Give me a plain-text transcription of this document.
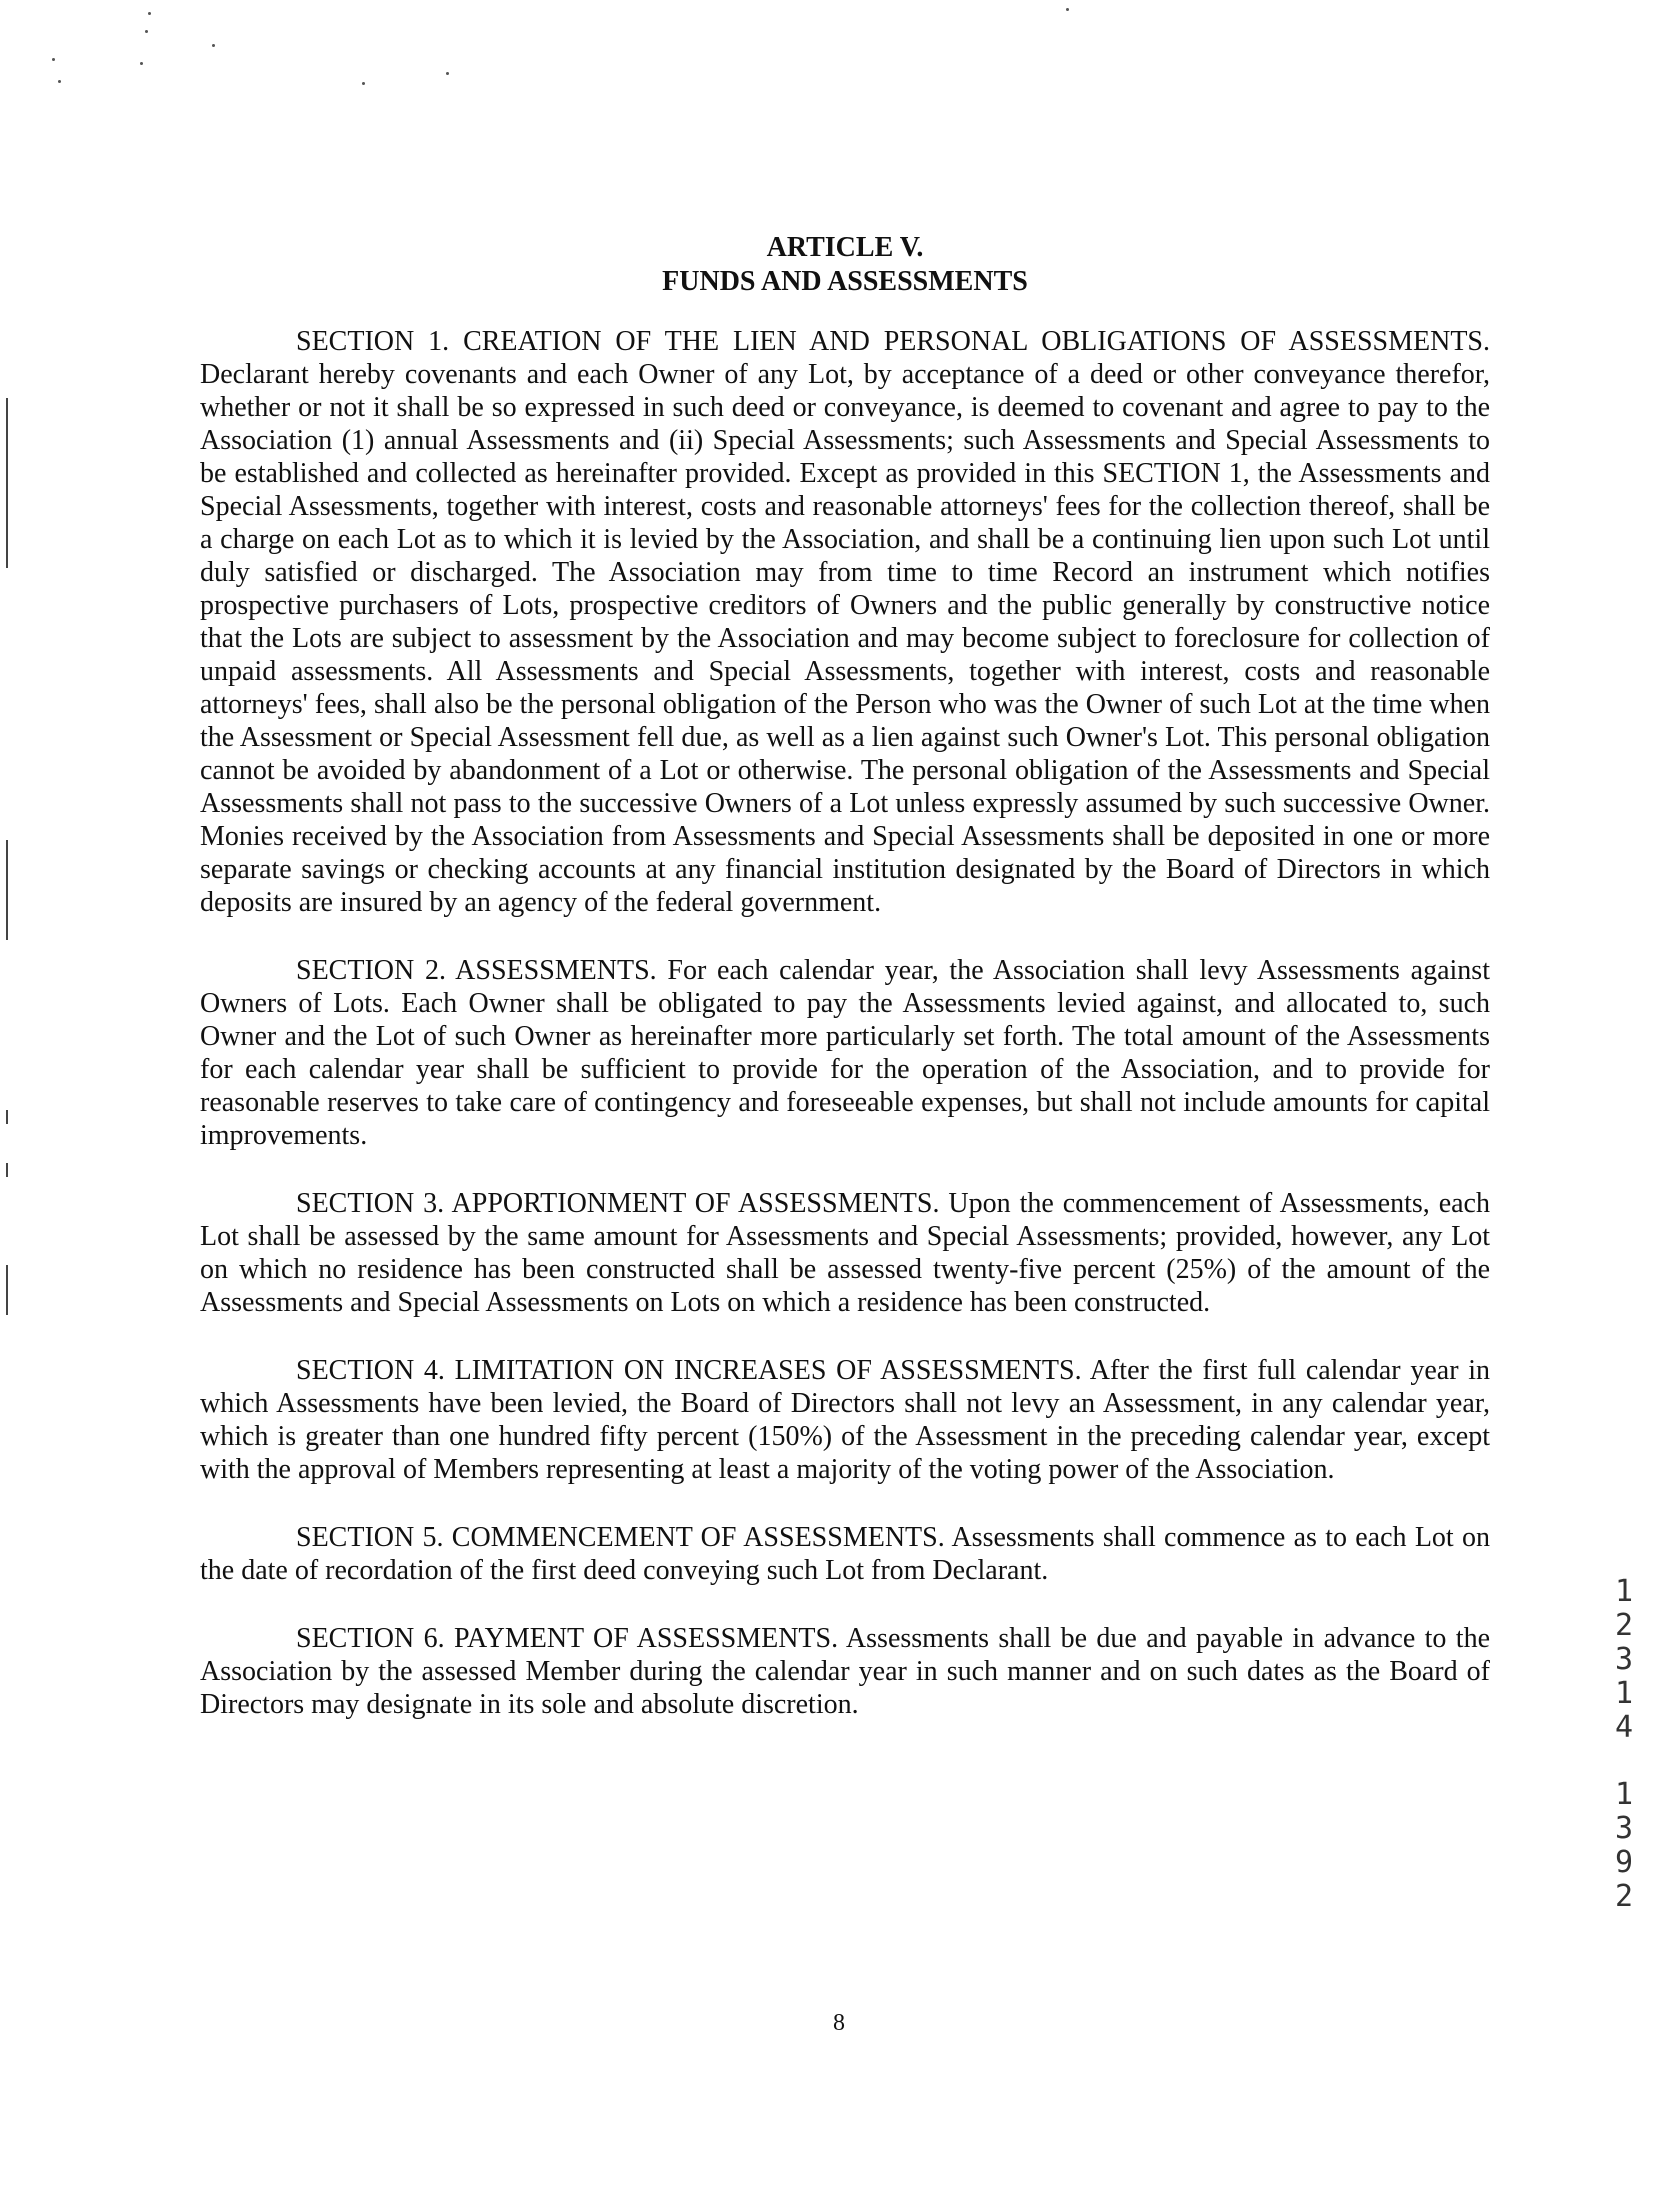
ARTICLE V.
FUNDS AND ASSESSMENTS

SECTION 1. CREATION OF THE LIEN AND PERSONAL OBLIGATIONS OF ASSESSMENTS. Declarant hereby covenants and each Owner of any Lot, by acceptance of a deed or other conveyance therefor, whether or not it shall be so expressed in such deed or conveyance, is deemed to covenant and agree to pay to the Association (1) annual Assessments and (ii) Special Assessments; such Assessments and Special Assessments to be established and collected as hereinafter provided. Except as provided in this SECTION 1, the Assessments and Special Assessments, together with interest, costs and reasonable attorneys' fees for the collection thereof, shall be a charge on each Lot as to which it is levied by the Association, and shall be a continuing lien upon such Lot until duly satisfied or discharged. The Association may from time to time Record an instrument which notifies prospective purchasers of Lots, prospective creditors of Owners and the public generally by constructive notice that the Lots are subject to assessment by the Association and may become subject to foreclosure for collection of unpaid assessments. All Assessments and Special Assessments, together with interest, costs and reasonable attorneys' fees, shall also be the personal obligation of the Person who was the Owner of such Lot at the time when the Assessment or Special Assessment fell due, as well as a lien against such Owner's Lot. This personal obligation cannot be avoided by abandonment of a Lot or otherwise. The personal obligation of the Assessments and Special Assessments shall not pass to the successive Owners of a Lot unless expressly assumed by such successive Owner. Monies received by the Association from Assessments and Special Assessments shall be deposited in one or more separate savings or checking accounts at any financial institution designated by the Board of Directors in which deposits are insured by an agency of the federal government.

SECTION 2. ASSESSMENTS. For each calendar year, the Association shall levy Assessments against Owners of Lots. Each Owner shall be obligated to pay the Assessments levied against, and allocated to, such Owner and the Lot of such Owner as hereinafter more particularly set forth. The total amount of the Assessments for each calendar year shall be sufficient to provide for the operation of the Association, and to provide for reasonable reserves to take care of contingency and foreseeable expenses, but shall not include amounts for capital improvements.

SECTION 3. APPORTIONMENT OF ASSESSMENTS. Upon the commencement of Assessments, each Lot shall be assessed by the same amount for Assessments and Special Assessments; provided, however, any Lot on which no residence has been constructed shall be assessed twenty-five percent (25%) of the amount of the Assessments and Special Assessments on Lots on which a residence has been constructed.

SECTION 4. LIMITATION ON INCREASES OF ASSESSMENTS. After the first full calendar year in which Assessments have been levied, the Board of Directors shall not levy an Assessment, in any calendar year, which is greater than one hundred fifty percent (150%) of the Assessment in the preceding calendar year, except with the approval of Members representing at least a majority of the voting power of the Association.

SECTION 5. COMMENCEMENT OF ASSESSMENTS. Assessments shall commence as to each Lot on the date of recordation of the first deed conveying such Lot from Declarant.

SECTION 6. PAYMENT OF ASSESSMENTS. Assessments shall be due and payable in advance to the Association by the assessed Member during the calendar year in such manner and on such dates as the Board of Directors may designate in its sole and absolute discretion.

1
2
3
1
4
1
3
9
2
8
